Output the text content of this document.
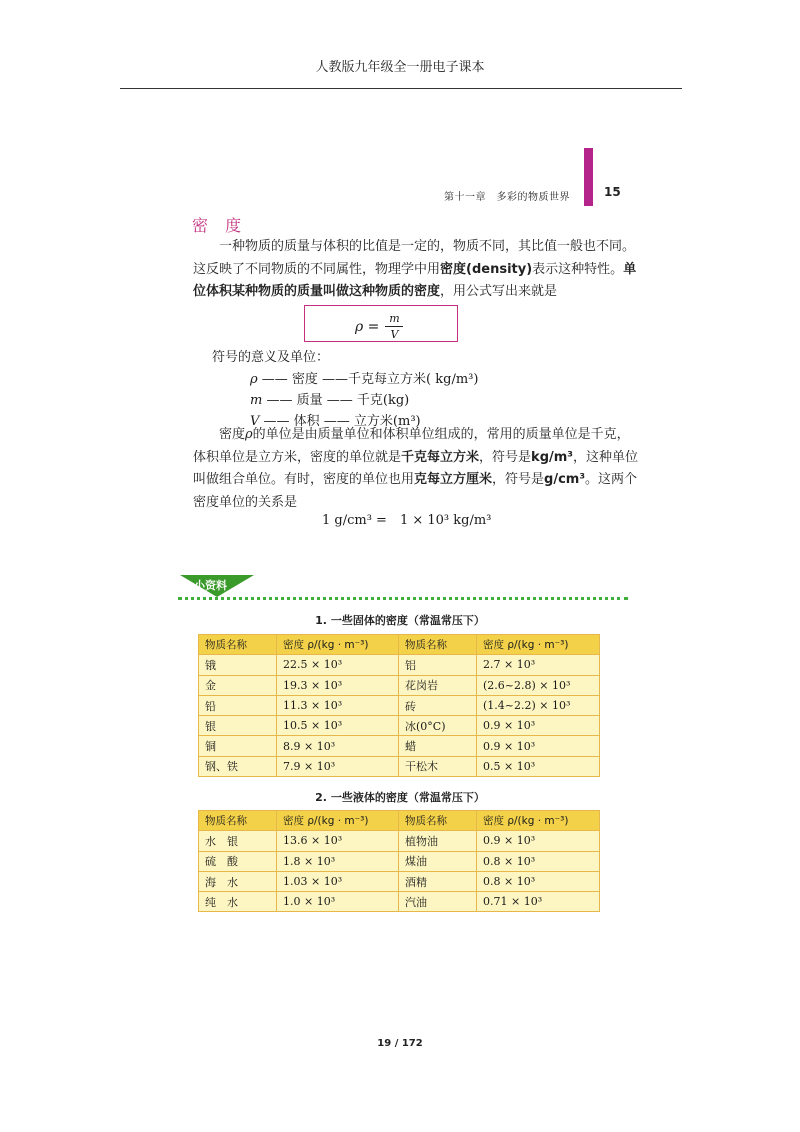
人教版九年级全一册电子课本
第十一章　多彩的物质世界	15
密 度
一种物质的质量与体积的比值是一定的，物质不同，其比值一般也不同。这反映了不同物质的不同属性，物理学中用密度(density)表示这种特性。单位体积某种物质的质量叫做这种物质的密度，用公式写出来就是
$\rho = \frac{m}{V}$
符号的意义及单位：
ρ —— 密度 ——千克每立方米( kg/m³)
m —— 质量 —— 千克(kg)
V —— 体积 —— 立方米(m³)
密度ρ的单位是由质量单位和体积单位组成的，常用的质量单位是千克，体积单位是立方米，密度的单位就是千克每立方米，符号是kg/m³，这种单位叫做组合单位。有时，密度的单位也用克每立方厘米，符号是g/cm³。这两个密度单位的关系是
1 g/cm³ =　1 × 10³ kg/m³
小资料
1. 一些固体的密度（常温常压下）
物质名称	密度 ρ/(kg · m⁻³)	物质名称	密度 ρ/(kg · m⁻³)
锇	22.5 × 10³	铝	2.7 × 10³
金	19.3 × 10³	花岗岩	(2.6~2.8) × 10³
铅	11.3 × 10³	砖	(1.4~2.2) × 10³
银	10.5 × 10³	冰(0°C)	0.9 × 10³
铜	8.9 × 10³	蜡	0.9 × 10³
钢、铁	7.9 × 10³	干松木	0.5 × 10³
2. 一些液体的密度（常温常压下）
物质名称	密度 ρ/(kg · m⁻³)	物质名称	密度 ρ/(kg · m⁻³)
水　银	13.6 × 10³	植物油	0.9 × 10³
硫　酸	1.8 × 10³	煤油	0.8 × 10³
海　水	1.03 × 10³	酒精	0.8 × 10³
纯　水	1.0 × 10³	汽油	0.71 × 10³
19 / 172
